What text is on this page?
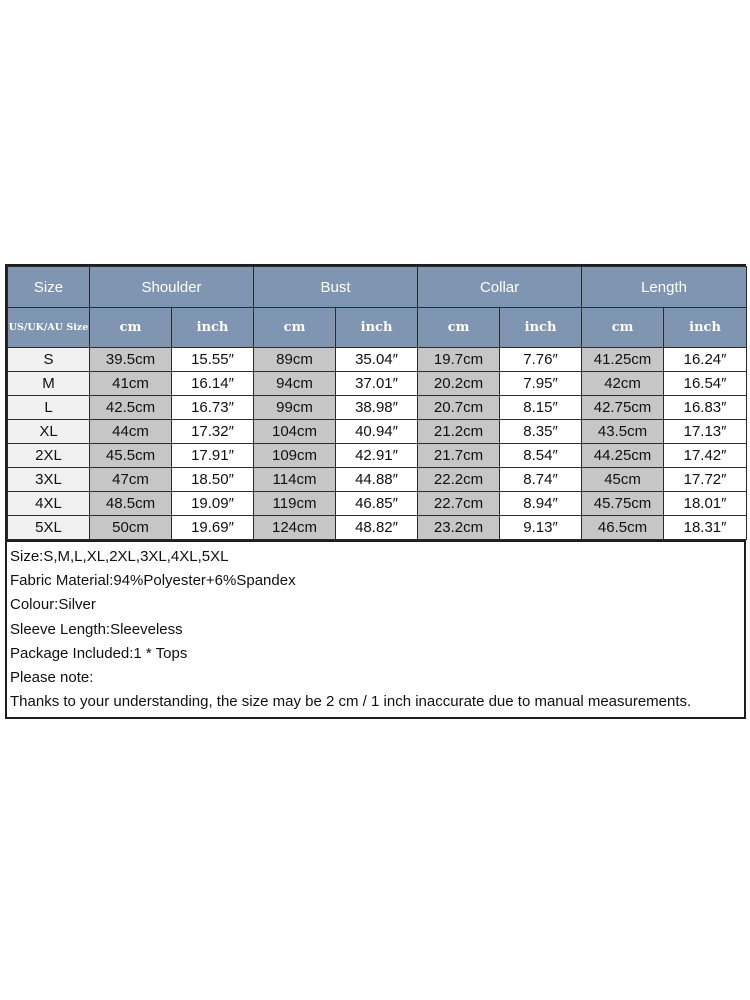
Size	Shoulder		Bust		Collar		Length	
US/UK/AU Size	cm	inch	cm	inch	cm	inch	cm	inch
S	39.5cm	15.55″	89cm	35.04″	19.7cm	7.76″	41.25cm	16.24″
M	41cm	16.14″	94cm	37.01″	20.2cm	7.95″	42cm	16.54″
L	42.5cm	16.73″	99cm	38.98″	20.7cm	8.15″	42.75cm	16.83″
XL	44cm	17.32″	104cm	40.94″	21.2cm	8.35″	43.5cm	17.13″
2XL	45.5cm	17.91″	109cm	42.91″	21.7cm	8.54″	44.25cm	17.42″
3XL	47cm	18.50″	114cm	44.88″	22.2cm	8.74″	45cm	17.72″
4XL	48.5cm	19.09″	119cm	46.85″	22.7cm	8.94″	45.75cm	18.01″
5XL	50cm	19.69″	124cm	48.82″	23.2cm	9.13″	46.5cm	18.31″
Size:S,M,L,XL,2XL,3XL,4XL,5XL
Fabric Material:94%Polyester+6%Spandex
Colour:Silver
Sleeve Length:Sleeveless
Package Included:1 * Tops
Please note:
Thanks to your understanding, the size may be 2 cm / 1 inch inaccurate due to manual measurements.
